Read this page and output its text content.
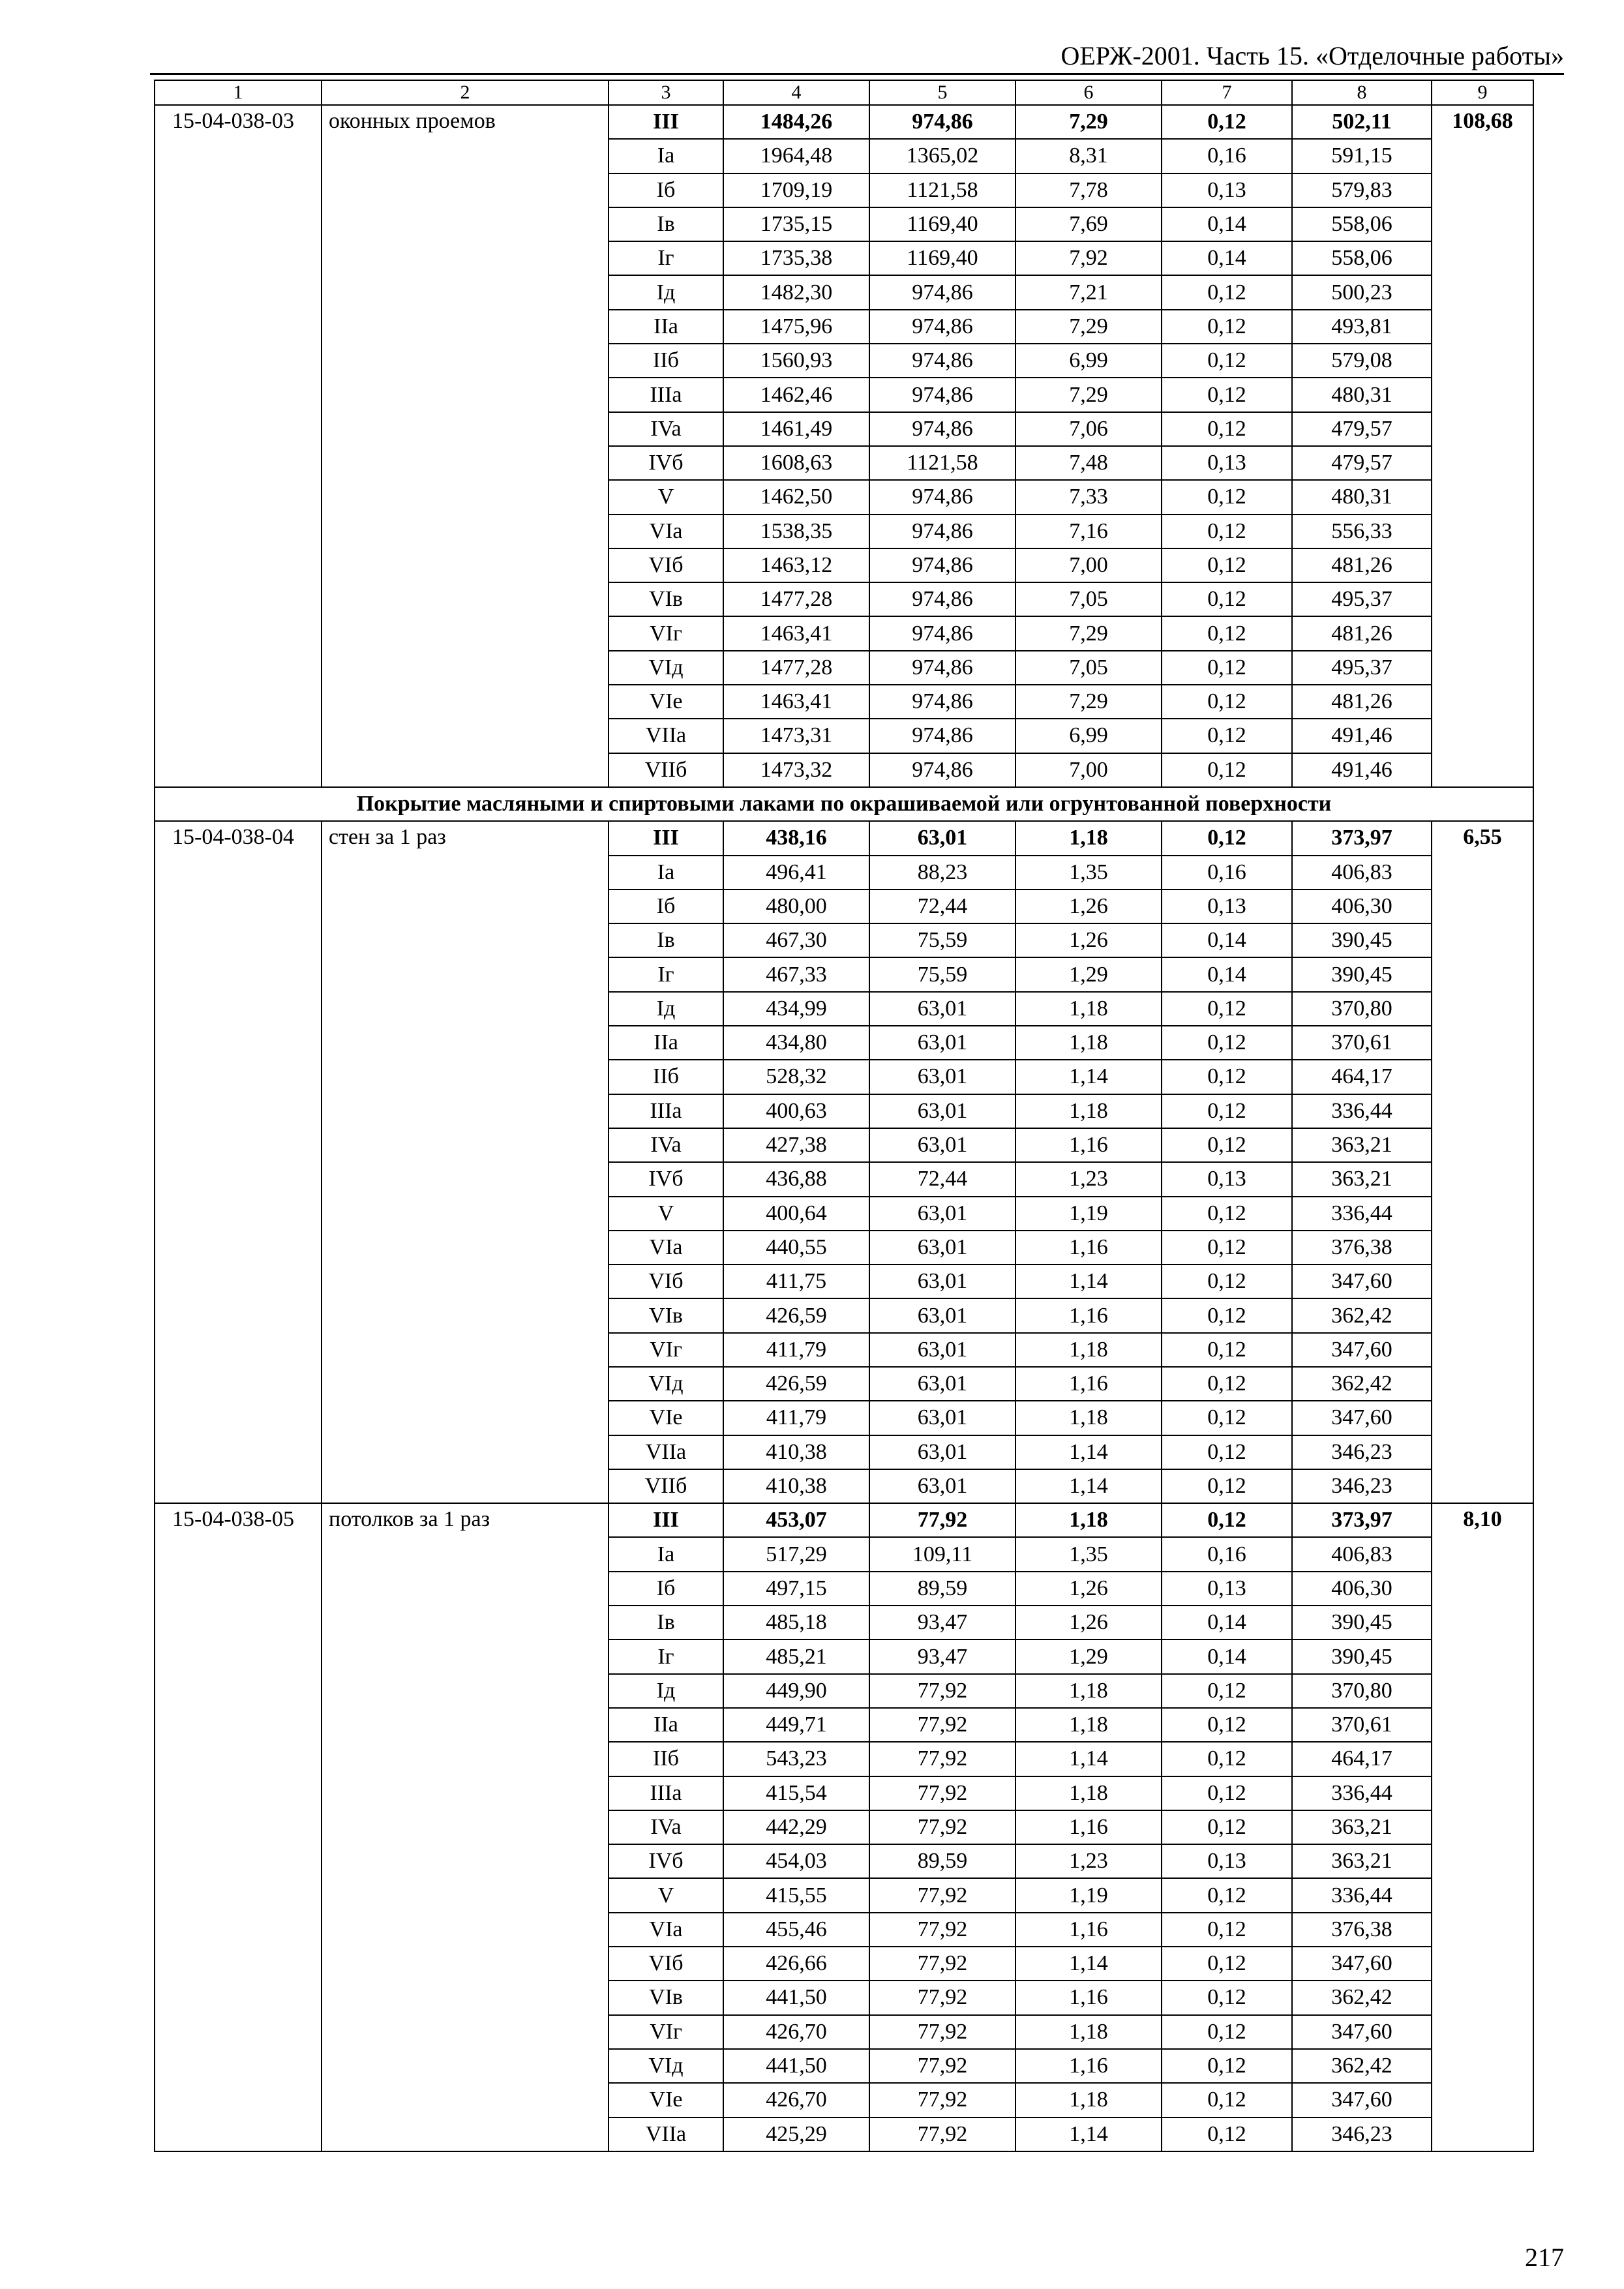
ОЕРЖ-2001. Часть 15. «Отделочные работы»
1	2	3	4	5	6	7	8	9
15-04-038-03	оконных проемов	III	1484,26	974,86	7,29	0,12	502,11	108,68
		Ia	1964,48	1365,02	8,31	0,16	591,15	
		Iб	1709,19	1121,58	7,78	0,13	579,83	
		Iв	1735,15	1169,40	7,69	0,14	558,06	
		Iг	1735,38	1169,40	7,92	0,14	558,06	
		Iд	1482,30	974,86	7,21	0,12	500,23	
		IIa	1475,96	974,86	7,29	0,12	493,81	
		IIб	1560,93	974,86	6,99	0,12	579,08	
		IIIa	1462,46	974,86	7,29	0,12	480,31	
		IVa	1461,49	974,86	7,06	0,12	479,57	
		IVб	1608,63	1121,58	7,48	0,13	479,57	
		V	1462,50	974,86	7,33	0,12	480,31	
		VIa	1538,35	974,86	7,16	0,12	556,33	
		VIб	1463,12	974,86	7,00	0,12	481,26	
		VIв	1477,28	974,86	7,05	0,12	495,37	
		VIг	1463,41	974,86	7,29	0,12	481,26	
		VIд	1477,28	974,86	7,05	0,12	495,37	
		VIe	1463,41	974,86	7,29	0,12	481,26	
		VIIa	1473,31	974,86	6,99	0,12	491,46	
		VIIб	1473,32	974,86	7,00	0,12	491,46	
Покрытие масляными и спиртовыми лаками по окрашиваемой или огрунтованной поверхности								
15-04-038-04	стен за 1 раз	III	438,16	63,01	1,18	0,12	373,97	6,55
		Ia	496,41	88,23	1,35	0,16	406,83	
		Iб	480,00	72,44	1,26	0,13	406,30	
		Iв	467,30	75,59	1,26	0,14	390,45	
		Iг	467,33	75,59	1,29	0,14	390,45	
		Iд	434,99	63,01	1,18	0,12	370,80	
		IIa	434,80	63,01	1,18	0,12	370,61	
		IIб	528,32	63,01	1,14	0,12	464,17	
		IIIa	400,63	63,01	1,18	0,12	336,44	
		IVa	427,38	63,01	1,16	0,12	363,21	
		IVб	436,88	72,44	1,23	0,13	363,21	
		V	400,64	63,01	1,19	0,12	336,44	
		VIa	440,55	63,01	1,16	0,12	376,38	
		VIб	411,75	63,01	1,14	0,12	347,60	
		VIв	426,59	63,01	1,16	0,12	362,42	
		VIг	411,79	63,01	1,18	0,12	347,60	
		VIд	426,59	63,01	1,16	0,12	362,42	
		VIe	411,79	63,01	1,18	0,12	347,60	
		VIIa	410,38	63,01	1,14	0,12	346,23	
		VIIб	410,38	63,01	1,14	0,12	346,23	
15-04-038-05	потолков за 1 раз	III	453,07	77,92	1,18	0,12	373,97	8,10
		Ia	517,29	109,11	1,35	0,16	406,83	
		Iб	497,15	89,59	1,26	0,13	406,30	
		Iв	485,18	93,47	1,26	0,14	390,45	
		Iг	485,21	93,47	1,29	0,14	390,45	
		Iд	449,90	77,92	1,18	0,12	370,80	
		IIa	449,71	77,92	1,18	0,12	370,61	
		IIб	543,23	77,92	1,14	0,12	464,17	
		IIIa	415,54	77,92	1,18	0,12	336,44	
		IVa	442,29	77,92	1,16	0,12	363,21	
		IVб	454,03	89,59	1,23	0,13	363,21	
		V	415,55	77,92	1,19	0,12	336,44	
		VIa	455,46	77,92	1,16	0,12	376,38	
		VIб	426,66	77,92	1,14	0,12	347,60	
		VIв	441,50	77,92	1,16	0,12	362,42	
		VIг	426,70	77,92	1,18	0,12	347,60	
		VIд	441,50	77,92	1,16	0,12	362,42	
		VIe	426,70	77,92	1,18	0,12	347,60	
		VIIa	425,29	77,92	1,14	0,12	346,23	
217
